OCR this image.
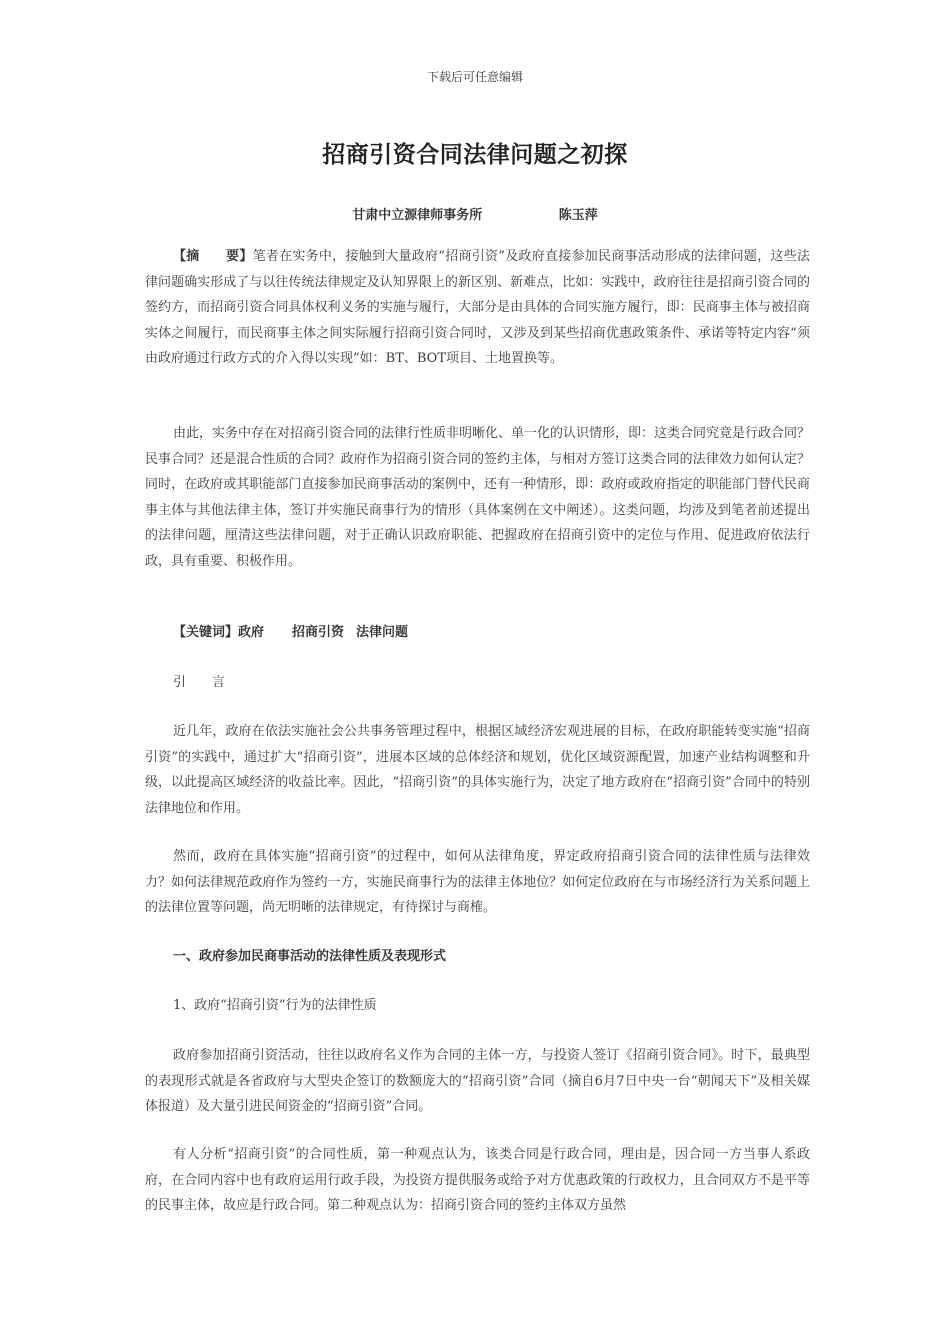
下载后可任意编辑
招商引资合同法律问题之初探
甘肃中立源律师事务所	陈玉萍

【摘　　要】笔者在实务中，接触到大量政府“招商引资”及政府直接参加民商事活动形成的法律问题，这些法律问题确实形成了与以往传统法律规定及认知界限上的新区别、新难点，比如：实践中，政府往往是招商引资合同的签约方，而招商引资合同具体权利义务的实施与履行，大部分是由具体的合同实施方履行，即：民商事主体与被招商实体之间履行，而民商事主体之间实际履行招商引资合同时，又涉及到某些招商优惠政策条件、承诺等特定内容“须由政府通过行政方式的介入得以实现”如：BT、BOT项目、土地置换等。

由此，实务中存在对招商引资合同的法律行性质非明晰化、单一化的认识情形，即：这类合同究竟是行政合同？民事合同？还是混合性质的合同？政府作为招商引资合同的签约主体，与相对方签订这类合同的法律效力如何认定？同时，在政府或其职能部门直接参加民商事活动的案例中，还有一种情形，即：政府或政府指定的职能部门替代民商事主体与其他法律主体，签订并实施民商事行为的情形（具体案例在文中阐述）。这类问题，均涉及到笔者前述提出的法律问题，厘清这些法律问题，对于正确认识政府职能、把握政府在招商引资中的定位与作用、促进政府依法行政，具有重要、积极作用。

【关键词】政府 招商引资 法律问题

引　　言

近几年，政府在依法实施社会公共事务管理过程中，根据区域经济宏观进展的目标，在政府职能转变实施“招商引资”的实践中，通过扩大“招商引资”，进展本区域的总体经济和规划，优化区域资源配置，加速产业结构调整和升级，以此提高区域经济的收益比率。因此，“招商引资”的具体实施行为，决定了地方政府在“招商引资”合同中的特别法律地位和作用。

然而，政府在具体实施“招商引资”的过程中，如何从法律角度，界定政府招商引资合同的法律性质与法律效力？如何法律规范政府作为签约一方，实施民商事行为的法律主体地位？如何定位政府在与市场经济行为关系问题上的法律位置等问题，尚无明晰的法律规定，有待探讨与商榷。

一、政府参加民商事活动的法律性质及表现形式

1、政府“招商引资”行为的法律性质

政府参加招商引资活动，往往以政府名义作为合同的主体一方，与投资人签订《招商引资合同》。时下，最典型的表现形式就是各省政府与大型央企签订的数额庞大的“招商引资”合同（摘自6月7日中央一台“朝闻天下”及相关媒体报道）及大量引进民间资金的“招商引资”合同。

有人分析“招商引资”的合同性质，第一种观点认为，该类合同是行政合同，理由是，因合同一方当事人系政府，在合同内容中也有政府运用行政手段，为投资方提供服务或给予对方优惠政策的行政权力，且合同双方不是平等的民事主体，故应是行政合同。第二种观点认为：招商引资合同的签约主体双方虽然
